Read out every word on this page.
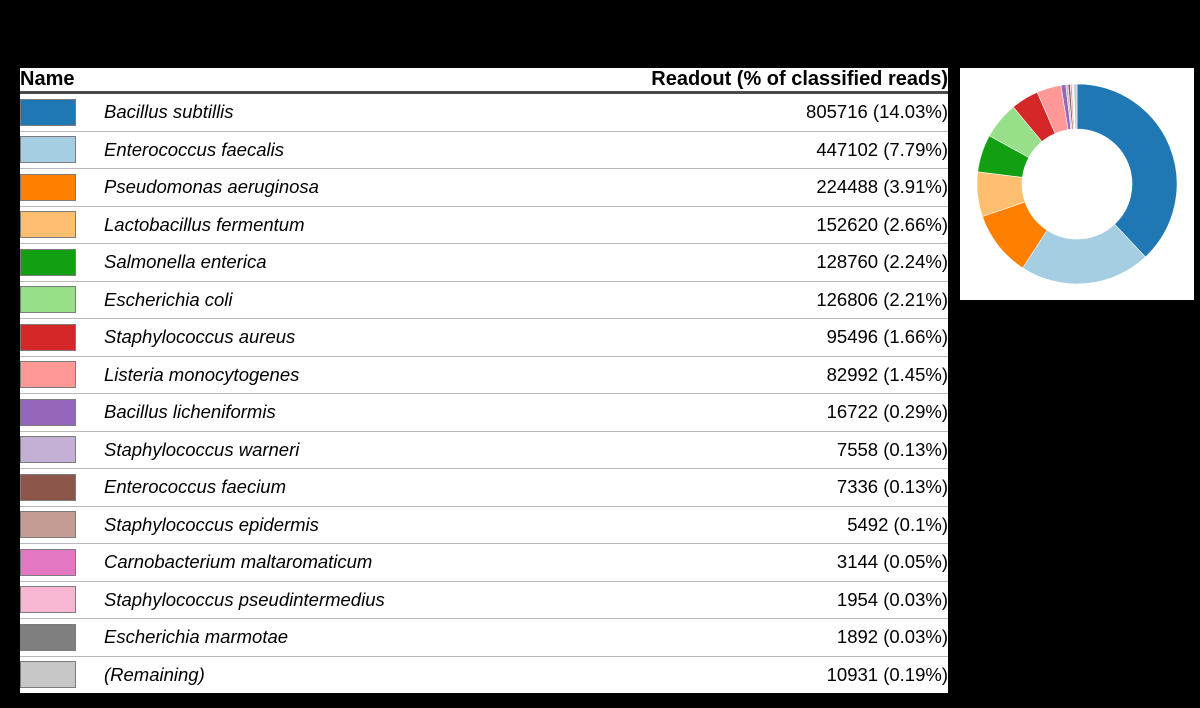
Name		Readout (% of classified reads)

	Bacillus subtillis	805716 (14.03%)

	Enterococcus faecalis	447102 (7.79%)

	Pseudomonas aeruginosa	224488 (3.91%)

	Lactobacillus fermentum	152620 (2.66%)

	Salmonella enterica	128760 (2.24%)

	Escherichia coli	126806 (2.21%)

	Staphylococcus aureus	95496 (1.66%)

	Listeria monocytogenes	82992 (1.45%)

	Bacillus licheniformis	16722 (0.29%)

	Staphylococcus warneri	7558 (0.13%)

	Enterococcus faecium	7336 (0.13%)

	Staphylococcus epidermis	5492 (0.1%)

	Carnobacterium maltaromaticum	3144 (0.05%)

	Staphylococcus pseudintermedius	1954 (0.03%)

	Escherichia marmotae	1892 (0.03%)

	(Remaining)	10931 (0.19%)
